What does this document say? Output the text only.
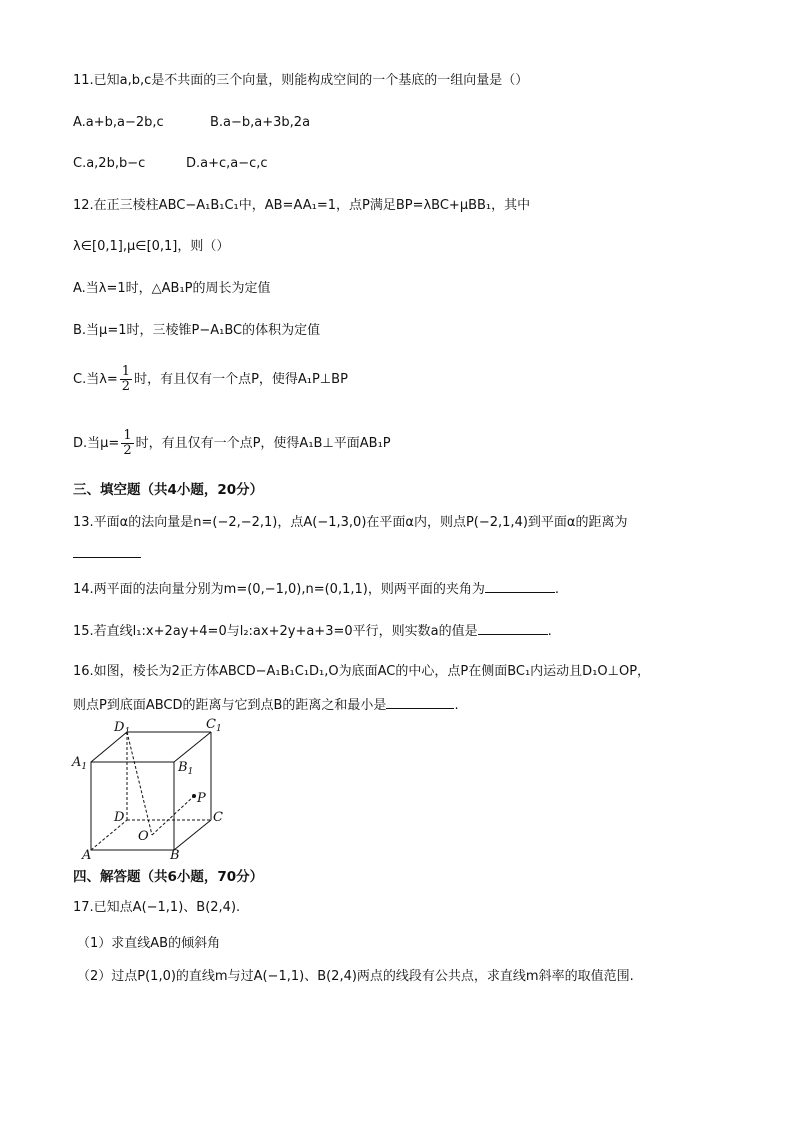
11.已知a,b,c是不共面的三个向量，则能构成空间的一个基底的一组向量是（）
A.a+b,a−2b,c	B.a−b,a+3b,2a
C.a,2b,b−c	D.a+c,a−c,c
12.在正三棱柱ABC−A₁B₁C₁中，AB=AA₁=1，点P满足BP=λBC+μBB₁，其中
λ∈[0,1],μ∈[0,1]，则（）
A.当λ=1时，△AB₁P的周长为定值
B.当μ=1时，三棱锥P−A₁BC的体积为定值
C.当$\lambda= \frac{1}{2}$ 时，有且仅有一个点P，使得A₁P⊥BP
D.当$\mu= \frac{1}{2}$ 时，有且仅有一个点P，使得A₁B⊥平面AB₁P
三、填空题（共4小题，20分）
13.平面α的法向量是n=(−2,−2,1)，点A(−1,3,0)在平面α内，则点P(−2,1,4)到平面α的距离为
14.两平面的法向量分别为m=(0,−1,0),n=(0,1,1)，则两平面的夹角为	.
15.若直线l₁:x+2ay+4=0与l₂:ax+2y+a+3=0平行，则实数a的值是	.
16.如图，棱长为2正方体ABCD−A₁B₁C₁D₁,O为底面AC的中心，点P在侧面BC₁内运动且D₁O⊥OP，
则点P到底面ABCD的距离与它到点B的距离之和最小是	.
$D_1$	$C_1$
$A_1$	$B_1$
P
D	C
O
A	B
四、解答题（共6小题，70分）
17.已知点A(−1,1)、B(2,4).
（1）求直线AB的倾斜角
（2）过点P(1,0)的直线m与过A(−1,1)、B(2,4)两点的线段有公共点，求直线m斜率的取值范围.
